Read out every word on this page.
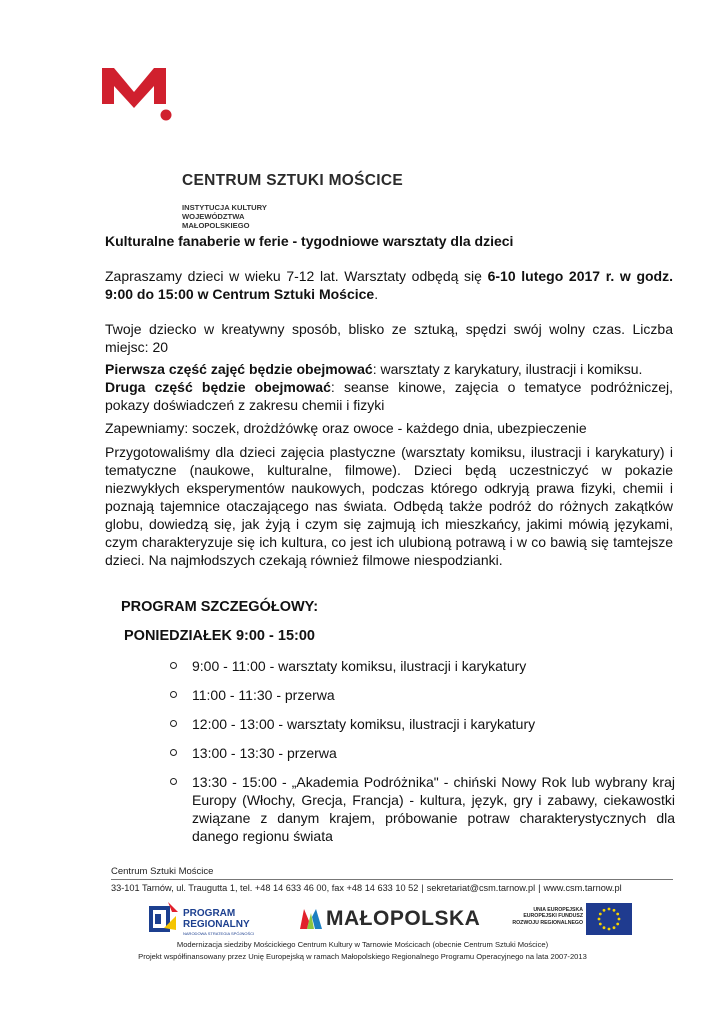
CENTRUM SZTUKI MOŚCICE
INSTYTUCJA KULTURY WOJEWÓDZTWA MAŁOPOLSKIEGO
Kulturalne fanaberie w ferie - tygodniowe warsztaty dla dzieci
Zapraszamy dzieci w wieku 7-12 lat. Warsztaty odbędą się 6-10 lutego 2017 r. w godz. 9:00 do 15:00 w Centrum Sztuki Mościce.
Twoje dziecko w kreatywny sposób, blisko ze sztuką, spędzi swój wolny czas. Liczba miejsc: 20
Pierwsza część zajęć będzie obejmować: warsztaty z karykatury, ilustracji i komiksu.
Druga część będzie obejmować: seanse kinowe, zajęcia o tematyce podróżniczej, pokazy doświadczeń z zakresu chemii i fizyki
Zapewniamy: soczek, drożdżówkę oraz owoce - każdego dnia, ubezpieczenie
Przygotowaliśmy dla dzieci zajęcia plastyczne (warsztaty komiksu, ilustracji i karykatury) i tematyczne (naukowe, kulturalne, filmowe). Dzieci będą uczestniczyć w pokazie niezwykłych eksperymentów naukowych, podczas którego odkryją prawa fizyki, chemii i poznają tajemnice otaczającego nas świata. Odbędą także podróż do różnych zakątków globu, dowiedzą się, jak żyją i czym się zajmują ich mieszkańcy, jakimi mówią językami, czym charakteryzuje się ich kultura, co jest ich ulubioną potrawą i w co bawią się tamtejsze dzieci. Na najmłodszych czekają również filmowe niespodzianki.
PROGRAM SZCZEGÓŁOWY:
PONIEDZIAŁEK 9:00 - 15:00
9:00 - 11:00 - warsztaty komiksu, ilustracji i karykatury
11:00 - 11:30 - przerwa
12:00 - 13:00 - warsztaty komiksu, ilustracji i karykatury
13:00 - 13:30 - przerwa
13:30 - 15:00 - „Akademia Podróżnika" - chiński Nowy Rok lub wybrany kraj Europy (Włochy, Grecja, Francja) - kultura, język, gry i zabawy, ciekawostki związane z danym krajem, próbowanie potraw charakterystycznych dla danego regionu świata
Centrum Sztuki Mościce
33-101 Tarnów, ul. Traugutta 1, tel. +48 14 633 46 00, fax +48 14 633 10 52 | sekretariat@csm.tarnow.pl | www.csm.tarnow.pl
PROGRAM
REGIONALNY
NARODOWA STRATEGIA SPÓJNOŚCI
MAŁOPOLSKA	UNIA EUROPEJSKA
EUROPEJSKI FUNDUSZ
ROZWOJU REGIONALNEGO
Modernizacja siedziby Mościckiego Centrum Kultury w Tarnowie Mościcach (obecnie Centrum Sztuki Mościce)
Projekt współfinansowany przez Unię Europejską w ramach Małopolskiego Regionalnego Programu Operacyjnego na lata 2007-2013
